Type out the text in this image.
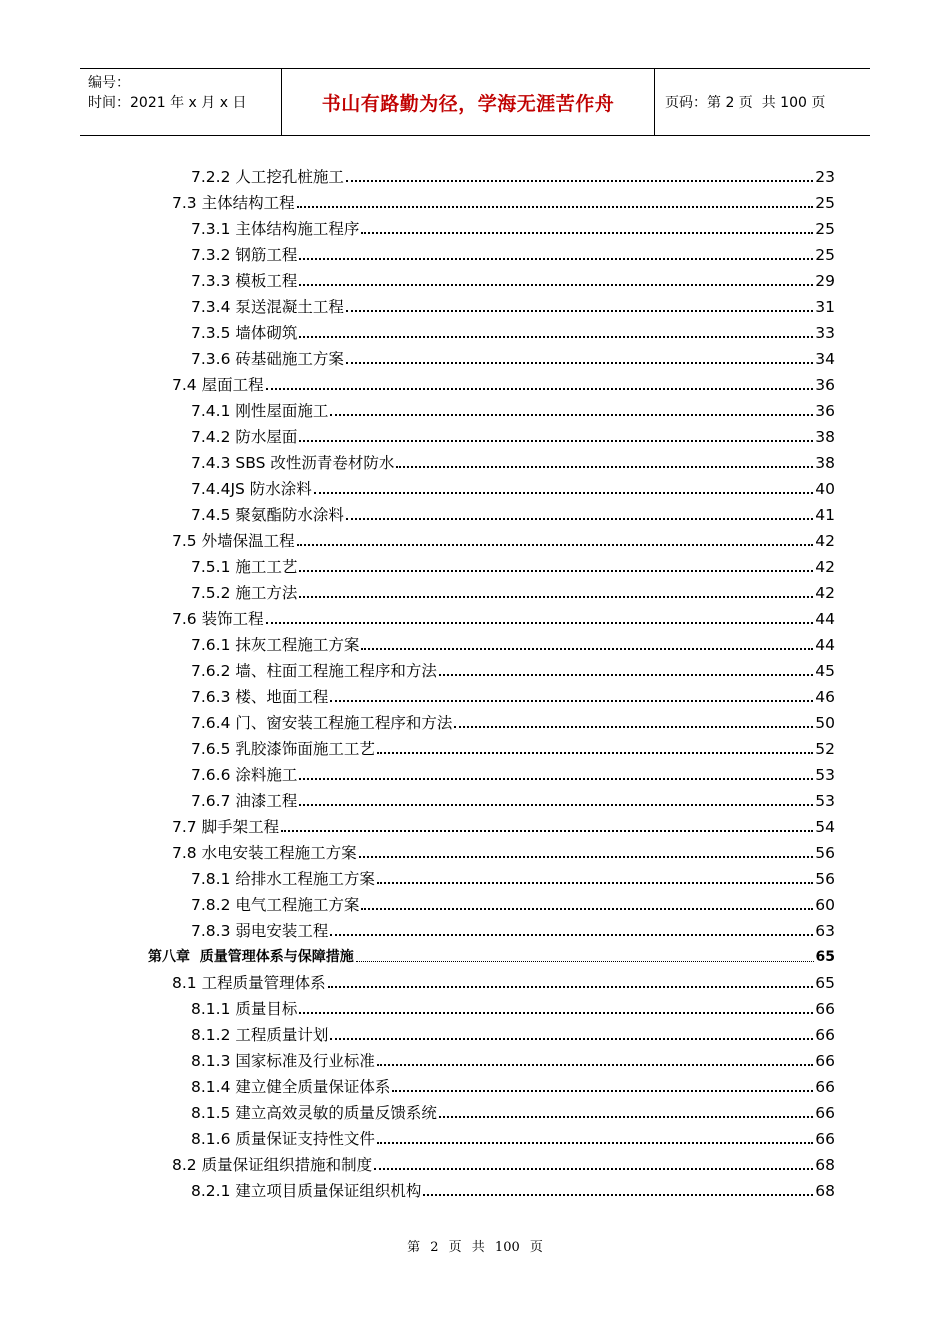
编号：
时间：2021 年 x 月 x 日	书山有路勤为径，学海无涯苦作舟	页码：第 2 页  共 100 页
7.2.2 人工挖孔桩施工	23
7.3 主体结构工程	25
7.3.1 主体结构施工程序	25
7.3.2 钢筋工程	25
7.3.3 模板工程	29
7.3.4 泵送混凝土工程	31
7.3.5 墙体砌筑	33
7.3.6 砖基础施工方案	34
7.4 屋面工程	36
7.4.1 刚性屋面施工	36
7.4.2 防水屋面	38
7.4.3 SBS 改性沥青卷材防水	38
7.4.4JS 防水涂料	40
7.4.5 聚氨酯防水涂料	41
7.5 外墙保温工程	42
7.5.1 施工工艺	42
7.5.2 施工方法	42
7.6 装饰工程	44
7.6.1 抹灰工程施工方案	44
7.6.2 墙、柱面工程施工程序和方法	45
7.6.3 楼、地面工程	46
7.6.4 门、窗安装工程施工程序和方法	50
7.6.5 乳胶漆饰面施工工艺	52
7.6.6 涂料施工	53
7.6.7 油漆工程	53
7.7 脚手架工程	54
7.8 水电安装工程施工方案	56
7.8.1 给排水工程施工方案	56
7.8.2 电气工程施工方案	60
7.8.3 弱电安装工程	63
第八章  质量管理体系与保障措施	65
8.1 工程质量管理体系	65
8.1.1 质量目标	66
8.1.2 工程质量计划	66
8.1.3 国家标准及行业标准	66
8.1.4 建立健全质量保证体系	66
8.1.5 建立高效灵敏的质量反馈系统	66
8.1.6 质量保证支持性文件	66
8.2 质量保证组织措施和制度	68
8.2.1 建立项目质量保证组织机构	68
第 2 页 共 100 页
